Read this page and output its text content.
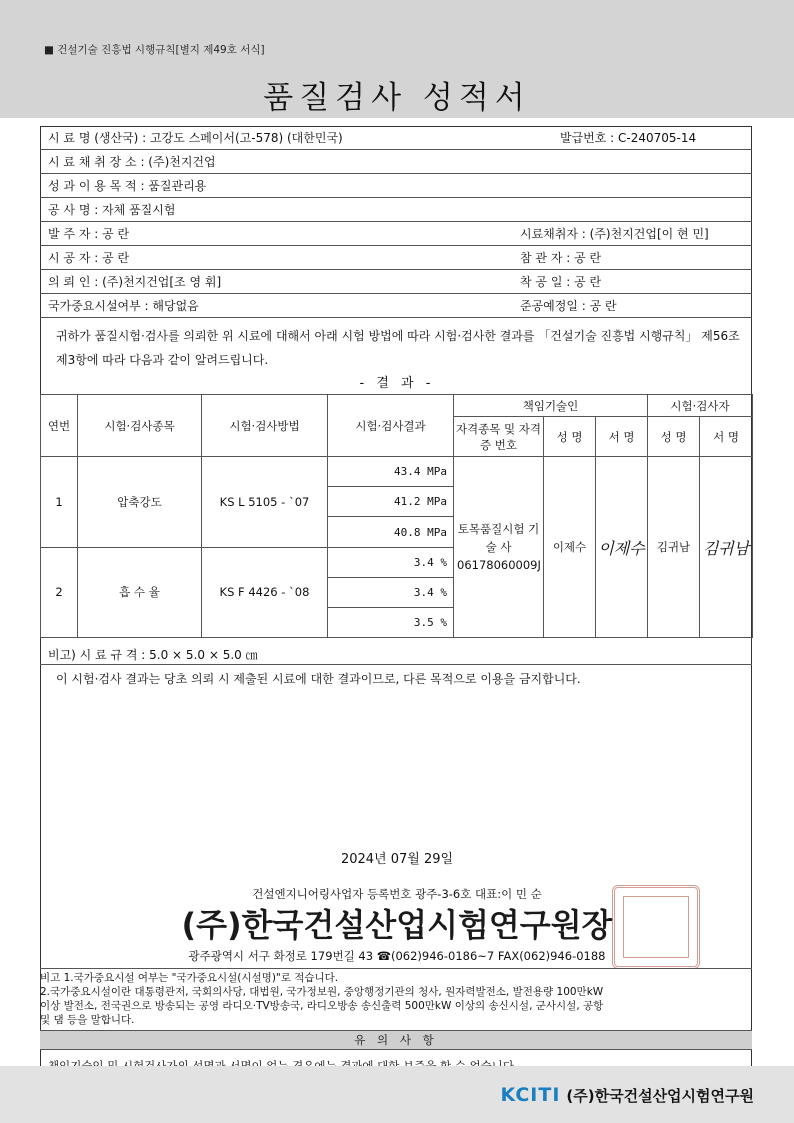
■ 건설기술 진흥법 시행규칙[별지 제49호 서식]
품질검사 성적서
시 료 명 (생산국) : 고강도 스페이서(고-578) (대한민국)	발급번호 : C-240705-14
시 료 채 취 장 소 : (주)천지건업
성 과 이 용 목 적 : 품질관리용
공 사 명 : 자체 품질시험
발 주 자 : 공 란	시료채취자 : (주)천지건업[이 현 민]
시 공 자 : 공 란	참 관 자 : 공 란
의 뢰 인 : (주)천지건업[조 영 휘]	착 공 일 : 공 란
국가중요시설여부 : 해당없음	준공예정일 : 공 란
귀하가 품질시험·검사를 의뢰한 위 시료에 대해서 아래 시험 방법에 따라 시험·검사한 결과를 「건설기술 진흥법 시행규칙」 제56조 제3항에 따라 다음과 같이 알려드립니다.
- 결 과 -
연번	시험·검사종목	시험·검사방법	시험·검사결과	책임기술인			시험·검사자	
				자격종목 및 자격증 번호	성 명	서 명	성 명	서 명
1	압축강도	KS L 5105 - `07	43.4 MPa	토목품질시험 기 술 사 06178060009J	이제수	이제수	김귀남	김귀남
			41.2 MPa					
			40.8 MPa					
2	흡 수 율	KS F 4426 - `08	3.4 %					
			3.4 %					
			3.5 %					
비고) 시 료 규 격 : 5.0 × 5.0 × 5.0 ㎝
이 시험·검사 결과는 당초 의뢰 시 제출된 시료에 대한 결과이므로, 다른 목적으로 이용을 금지합니다.
2024년 07월 29일
건설엔지니어링사업자 등록번호 광주-3-6호 대표:이 민 순
(주)한국건설산업시험연구원장
광주광역시 서구 화정로 179번길 43 ☎(062)946-0186~7 FAX(062)946-0188
비고 1.국가중요시설 여부는 "국가중요시설(시설명)"로 적습니다.
2.국가중요시설이란 대통령관저, 국회의사당, 대법원, 국가정보원, 중앙행정기관의 청사, 원자력발전소, 발전용량 100만kW
이상 발전소, 전국권으로 방송되는 공영 라디오·TV방송국, 라디오방송 송신출력 500만kW 이상의 송신시설, 군사시설, 공항
및 댐 등을 말합니다.
유 의 사 항
KCITI (주)한국건설산업시험연구원
